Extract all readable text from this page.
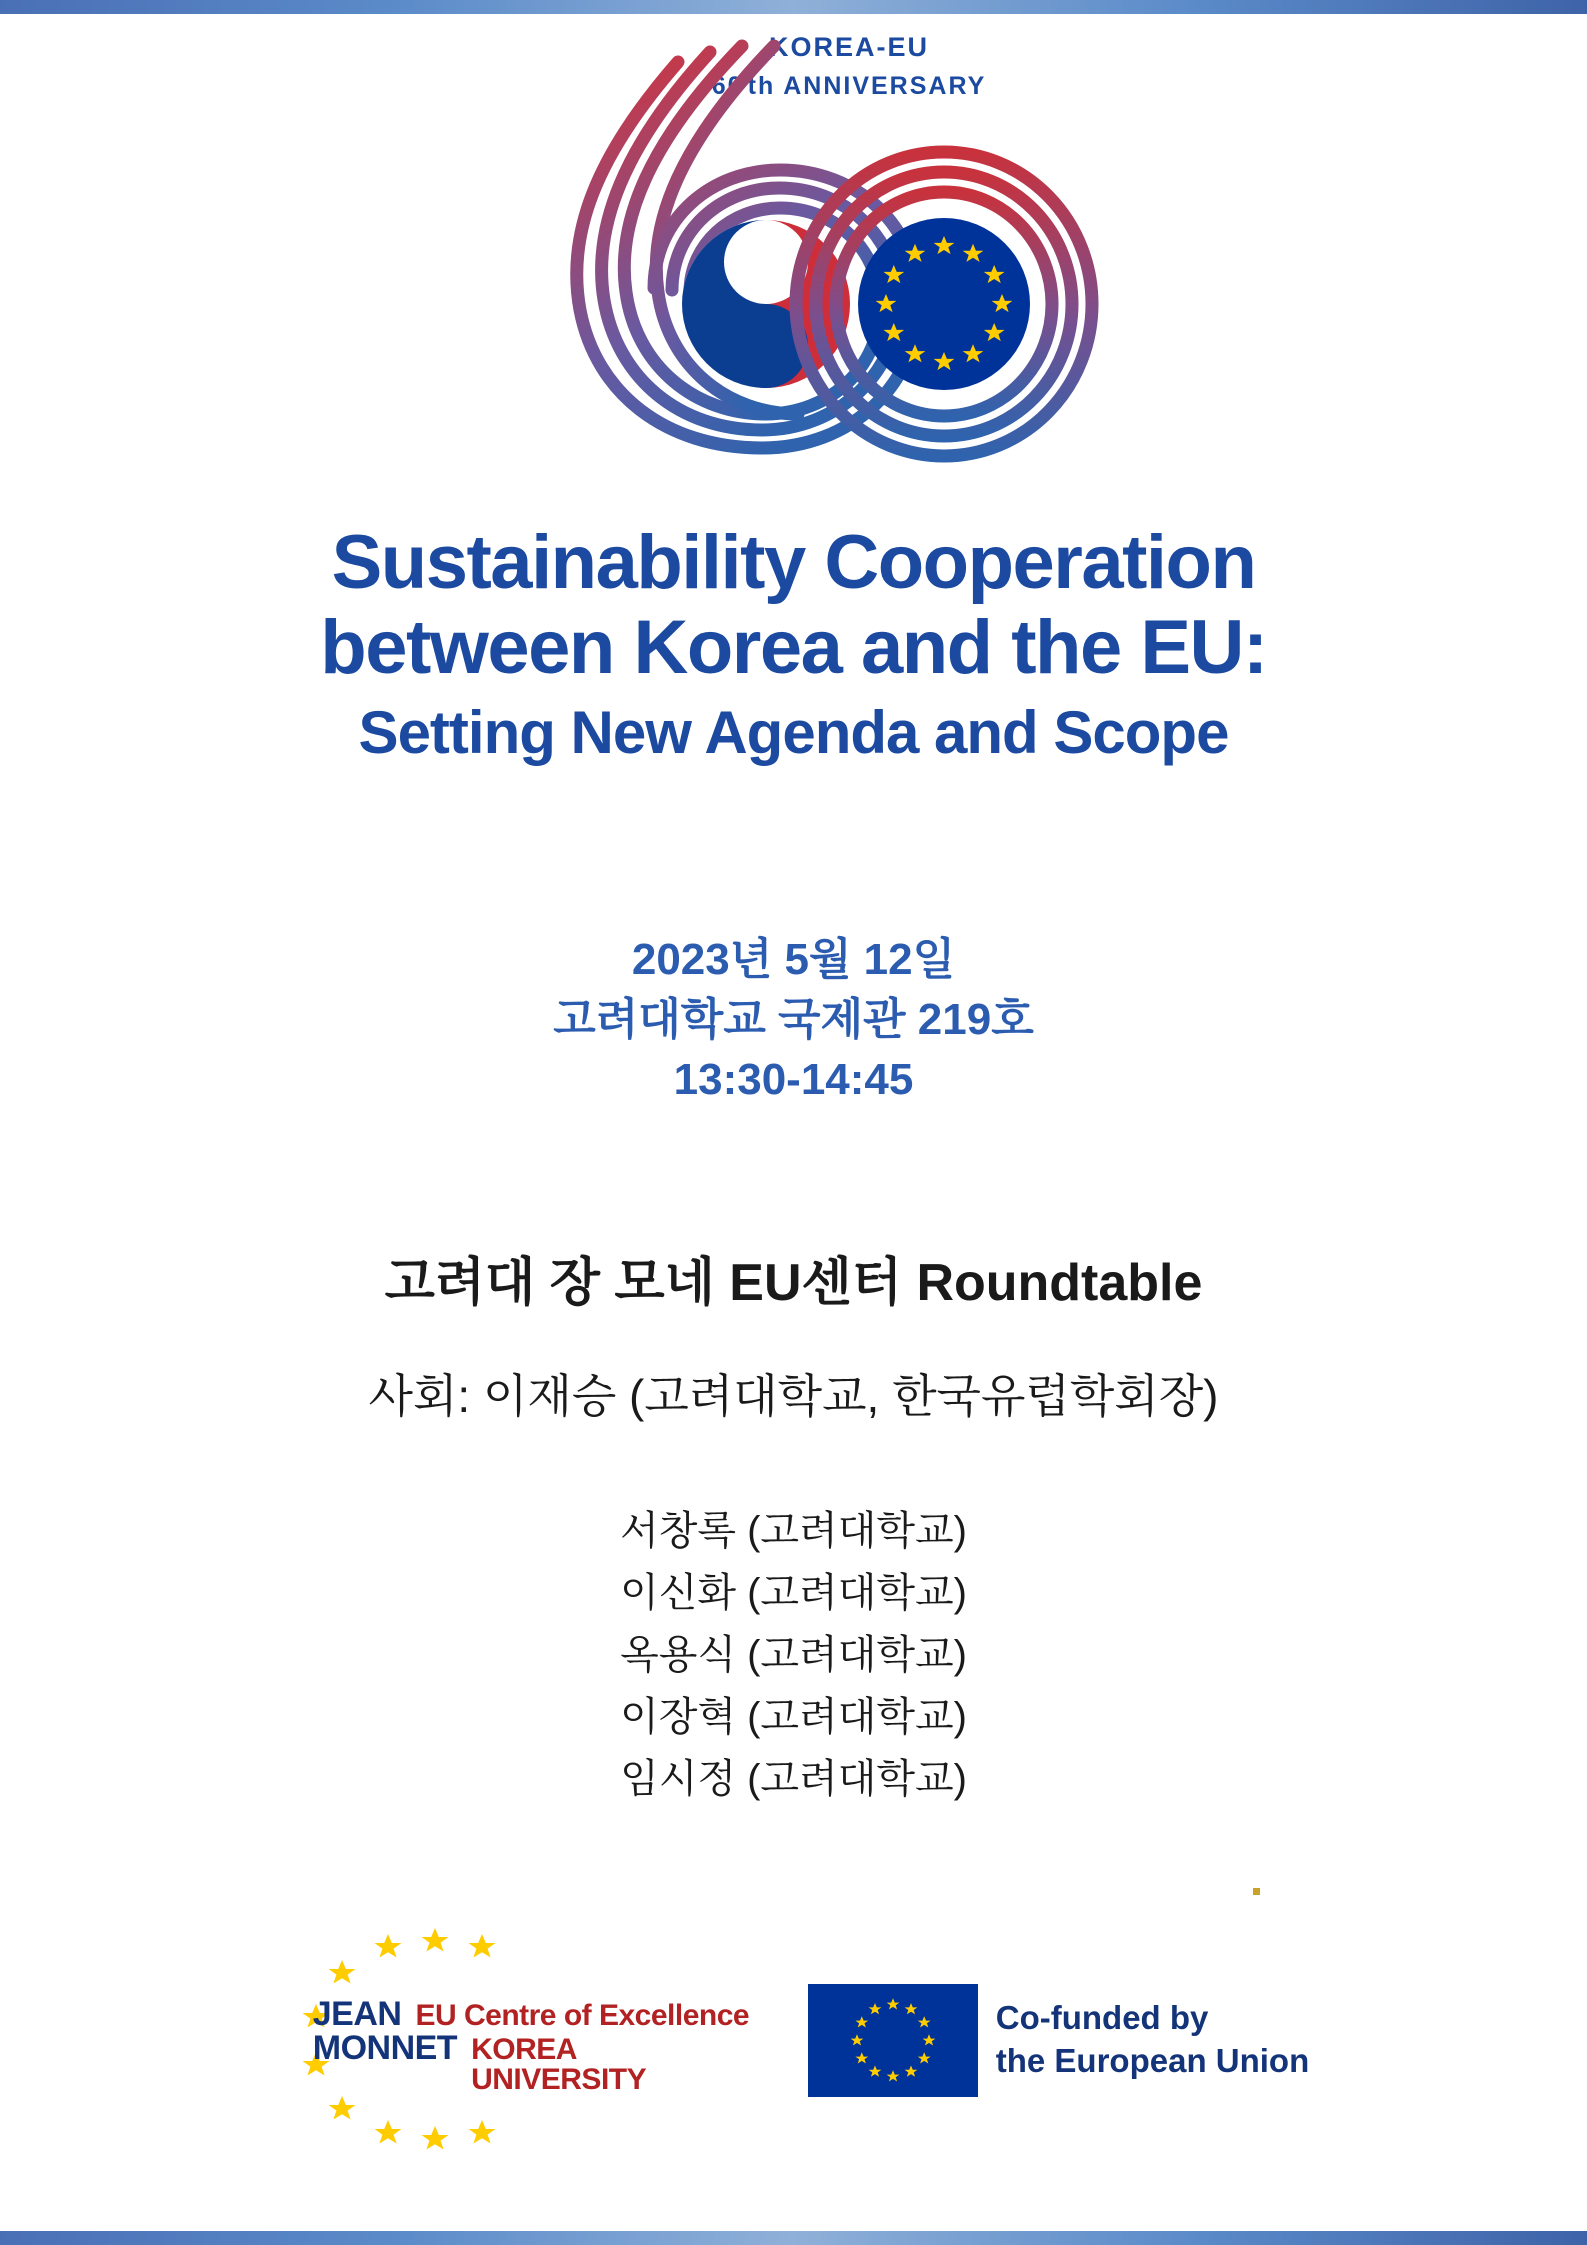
KOREA-EU
60 th ANNIVERSARY
Sustainability Cooperation
between Korea and the EU:
Setting New Agenda and Scope
2023년 5월 12일
고려대학교 국제관 219호
13:30-14:45
고려대 장 모네 EU센터 Roundtable
사회: 이재승 (고려대학교, 한국유럽학회장)
서창록 (고려대학교)
이신화 (고려대학교)
옥용식 (고려대학교)
이장혁 (고려대학교)
임시정 (고려대학교)
JEAN EU Centre of Excellence
MONNET KOREA UNIVERSITY
Co-funded by
the European Union
